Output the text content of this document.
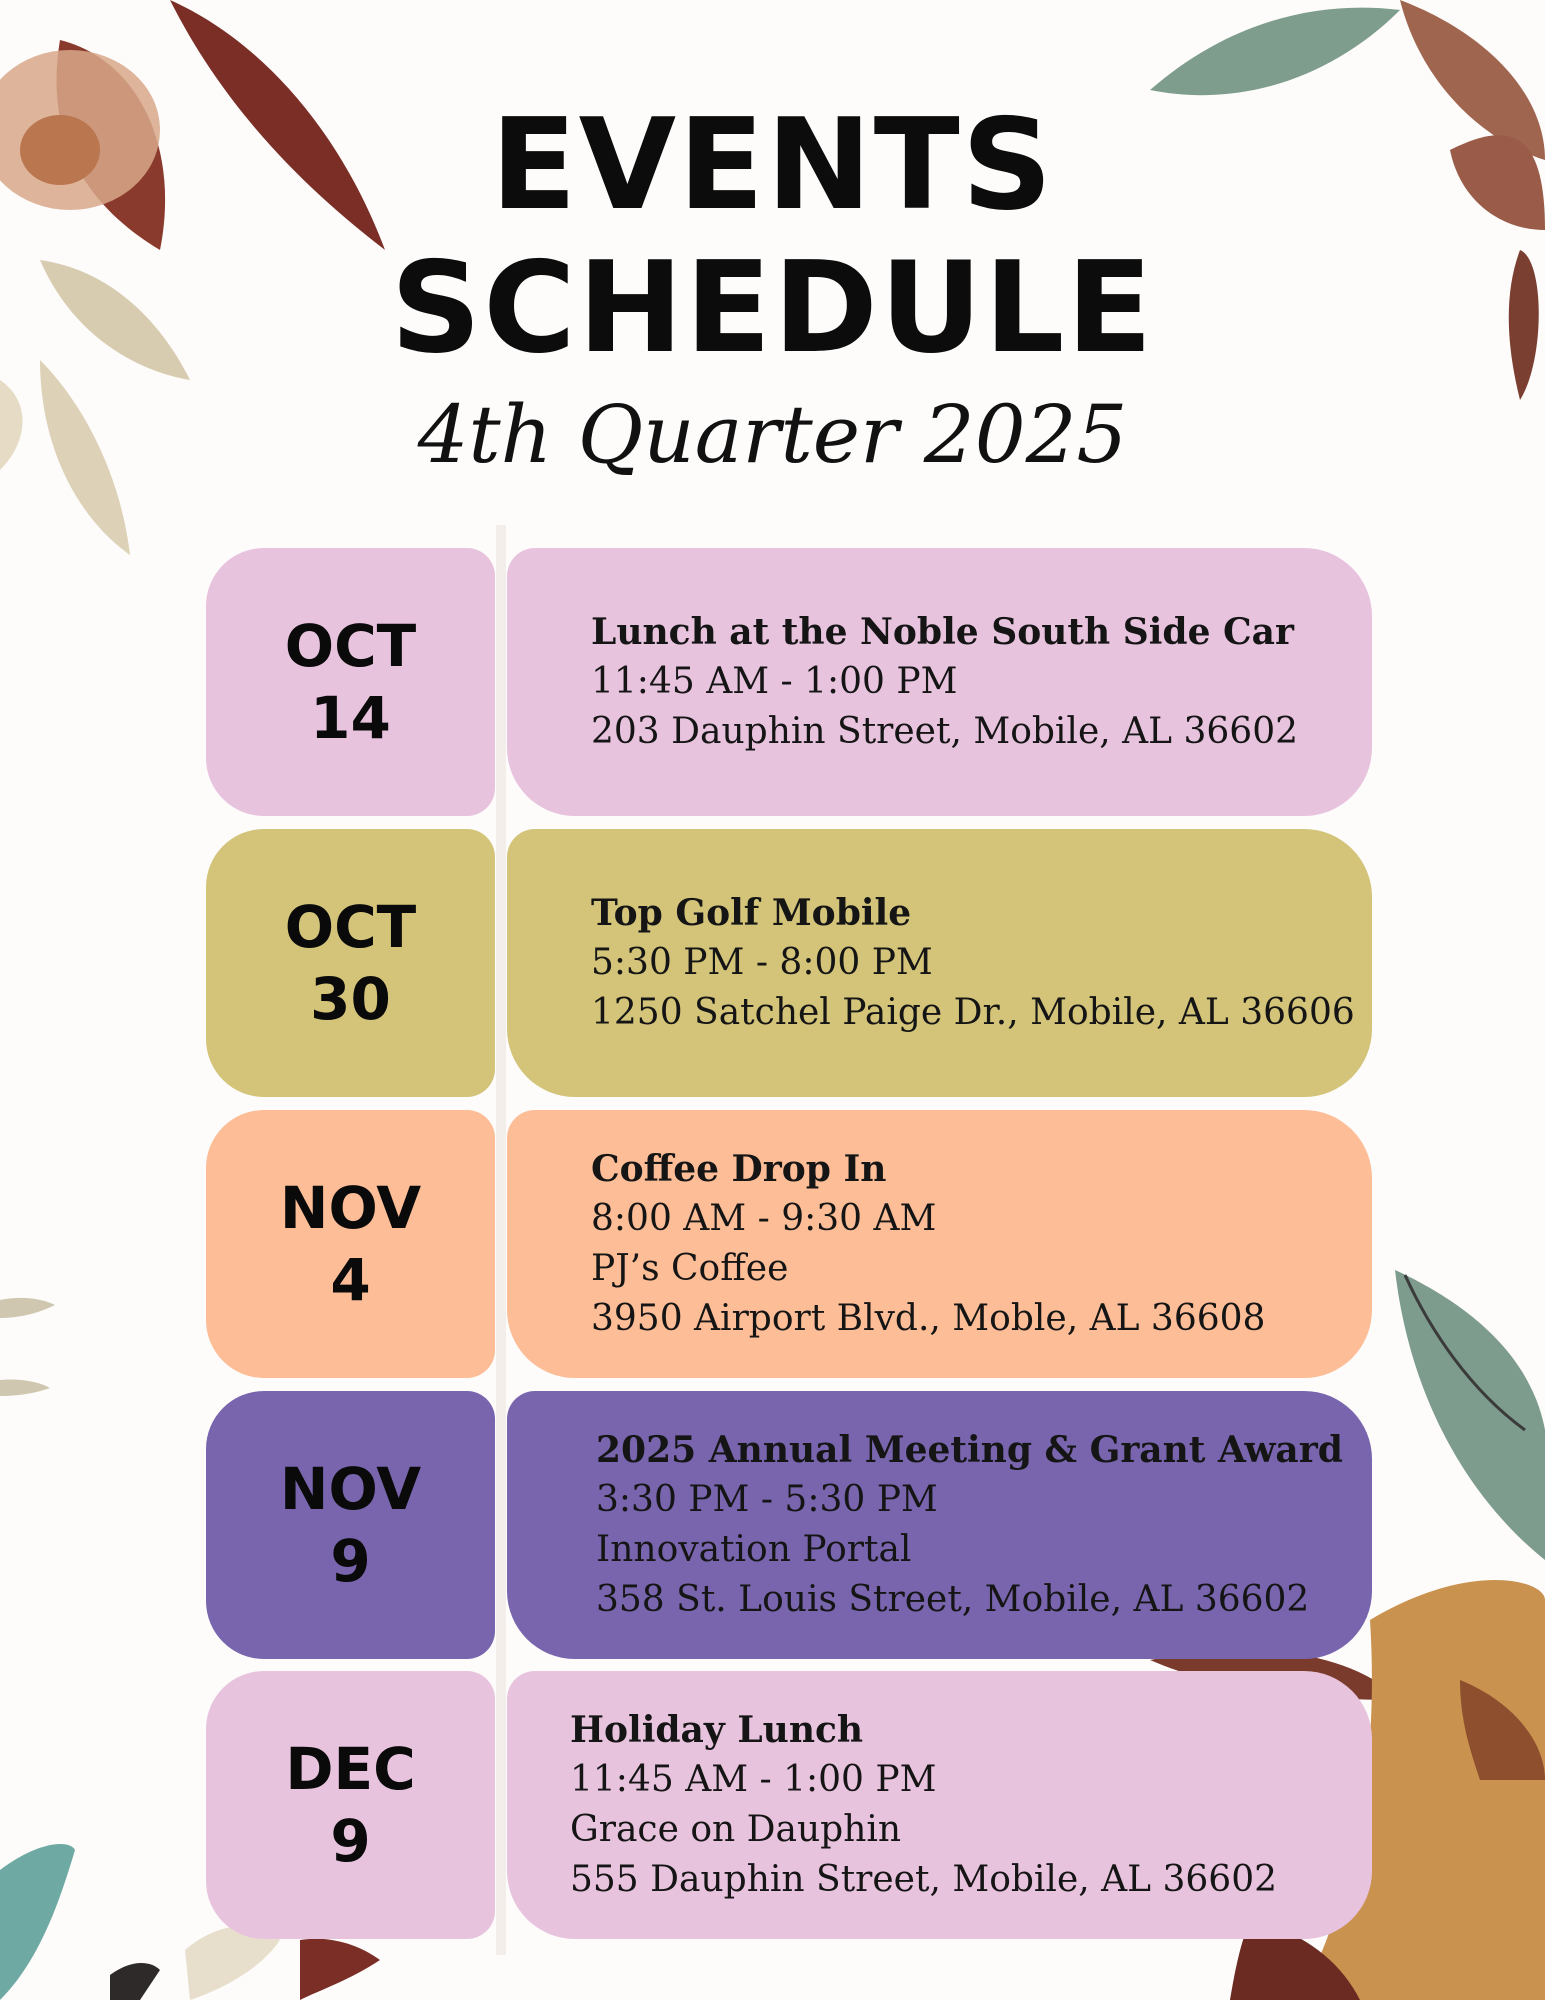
EVENTS
SCHEDULE
4th Quarter 2025
OCT
14
Lunch at the Noble South Side Car
11:45 AM - 1:00 PM
203 Dauphin Street, Mobile, AL 36602
OCT
30
Top Golf Mobile
5:30 PM - 8:00 PM
1250 Satchel Paige Dr., Mobile, AL 36606
NOV
4
Coffee Drop In
8:00 AM - 9:30 AM
PJ’s Coffee
3950 Airport Blvd., Moble, AL 36608
NOV
9
2025 Annual Meeting & Grant Award
3:30 PM - 5:30 PM
Innovation Portal
358 St. Louis Street, Mobile, AL 36602
DEC
9
Holiday Lunch
11:45 AM - 1:00 PM
Grace on Dauphin
555 Dauphin Street, Mobile, AL 36602
